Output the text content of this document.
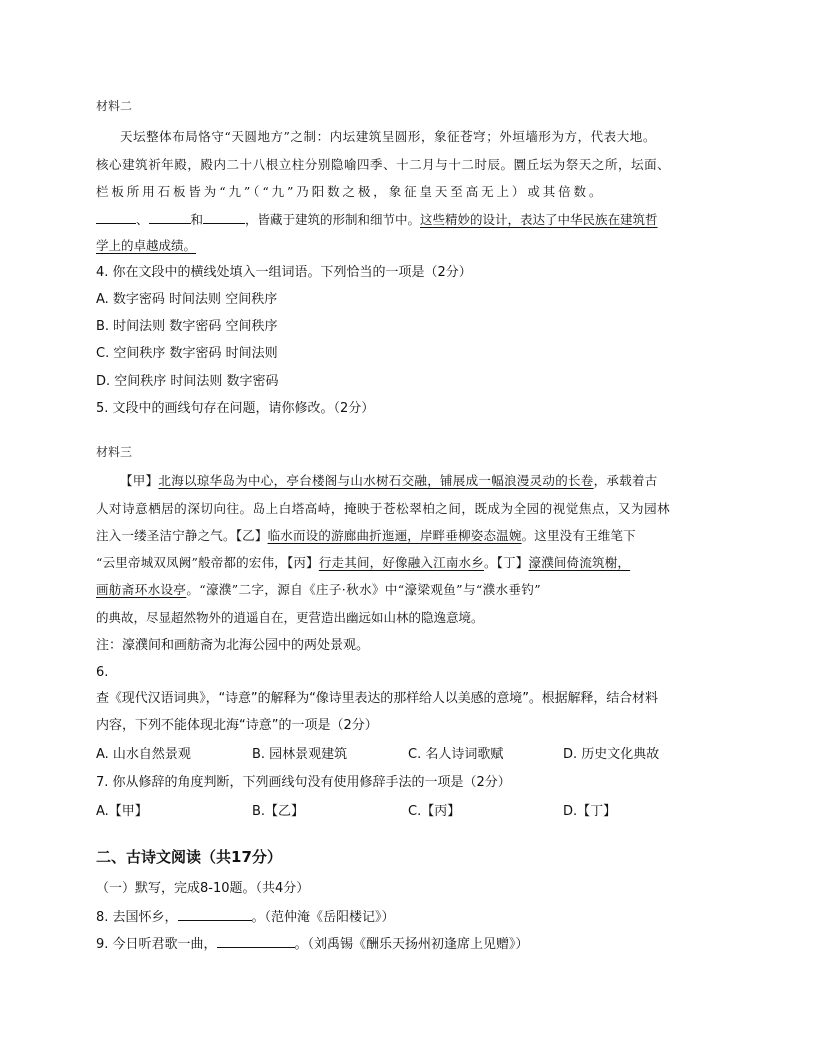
材料二
天坛整体布局恪守“天圆地方”之制：内坛建筑呈圆形，象征苍穹；外垣墙形为方，代表大地。
核心建筑祈年殿，殿内二十八根立柱分别隐喻四季、十二月与十二时辰。圜丘坛为祭天之所，坛面、
栏板所用石板皆为“九”（“九”乃阳数之极，象征皇天至高无上）或其倍数。
、	和	，皆藏于建筑的形制和细节中。这些精妙的设计，表达了中华民族在建筑哲
学上的卓越成绩。
4. 你在文段中的横线处填入一组词语。下列恰当的一项是（2分）
A. 数字密码 时间法则 空间秩序
B. 时间法则 数字密码 空间秩序
C. 空间秩序 数字密码 时间法则
D. 空间秩序 时间法则 数字密码
5. 文段中的画线句存在问题，请你修改。（2分）
材料三
【甲】北海以琼华岛为中心，亭台楼阁与山水树石交融，铺展成一幅浪漫灵动的长卷，承载着古
人对诗意栖居的深切向往。岛上白塔高峙，掩映于苍松翠柏之间，既成为全园的视觉焦点，又为园林
注入一缕圣洁宁静之气。【乙】临水而设的游廊曲折迤逦，岸畔垂柳姿态温婉。这里没有王维笔下
“云里帝城双凤阙”般帝都的宏伟，【丙】行走其间，好像融入江南水乡。【丁】濠濮间倚流筑榭，
画舫斋环水设亭。“濠濮”二字，源自《庄子·秋水》中“濠梁观鱼”与“濮水垂钓”
的典故，尽显超然物外的逍遥自在，更营造出幽远如山林的隐逸意境。
注：濠濮间和画舫斋为北海公园中的两处景观。
6.
查《现代汉语词典》，“诗意”的解释为“像诗里表达的那样给人以美感的意境”。根据解释，结合材料
内容，下列不能体现北海“诗意”的一项是（2分）
A. 山水自然景观	B. 园林景观建筑	C. 名人诗词歌赋	D. 历史文化典故
7. 你从修辞的角度判断，下列画线句没有使用修辞手法的一项是（2分）
A.【甲】	B.【乙】	C.【丙】	D.【丁】
二、古诗文阅读（共17分）
（一）默写，完成8-10题。（共4分）
8. 去国怀乡，	。（范仲淹《岳阳楼记》）
9. 今日听君歌一曲，	。（刘禹锡《酬乐天扬州初逢席上见赠》）
